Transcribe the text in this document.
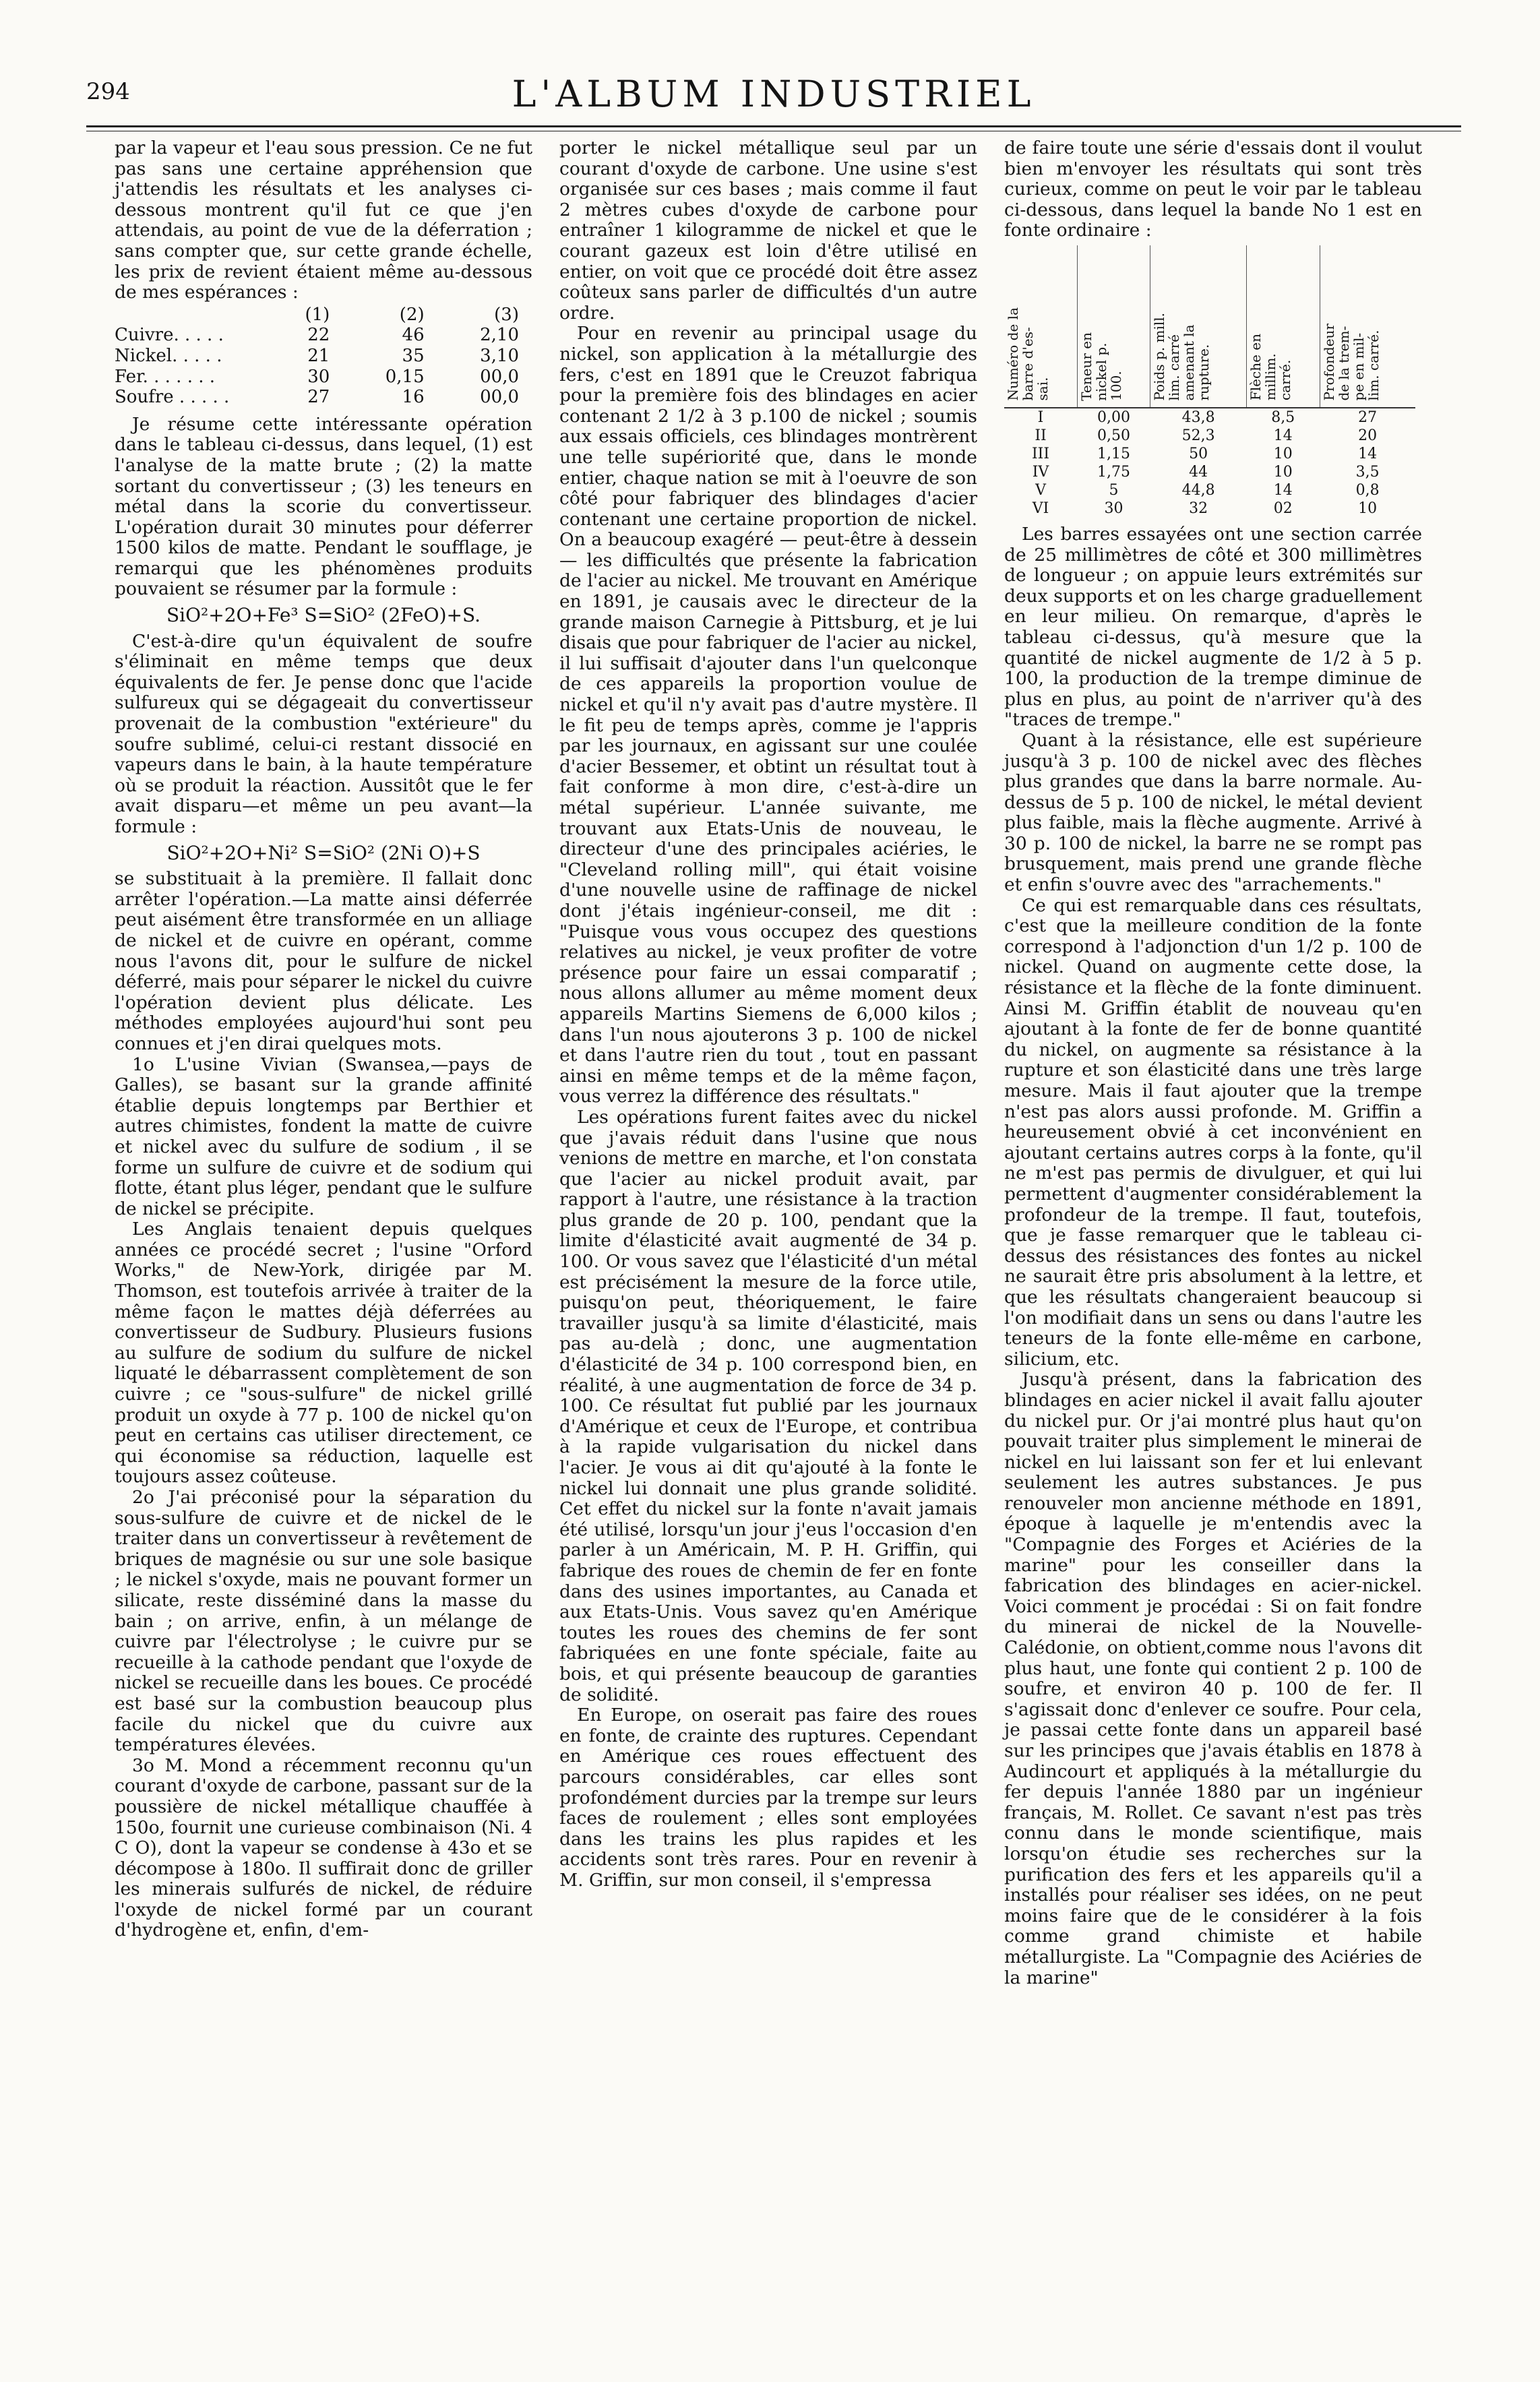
294	L'ALBUM INDUSTRIEL

par la vapeur et l'eau sous pression. Ce ne fut pas sans une certaine appréhension que j'attendis les résultats et les analyses ci-dessous montrent qu'il fut ce que j'en attendais, au point de vue de la déferration ; sans compter que, sur cette grande échelle, les prix de revient étaient même au-dessous de mes espérances :

	(1)	(2)	(3)
Cuivre. . . . .	22	46	2,10
Nickel. . . . .	21	35	3,10
Fer. . . . . . .	30	0,15	00,0
Soufre . . . . .	27	16	00,0

Je résume cette intéressante opération dans le tableau ci-dessus, dans lequel, (1) est l'analyse de la matte brute ; (2) la matte sortant du convertisseur ; (3) les teneurs en métal dans la scorie du convertisseur. L'opération durait 30 minutes pour déferrer 1500 kilos de matte. Pendant le soufflage, je remarqui que les phénomènes produits pouvaient se résumer par la formule :

SiO²+2O+Fe³ S=SiO² (2FeO)+S.

C'est-à-dire qu'un équivalent de soufre s'éliminait en même temps que deux équivalents de fer. Je pense donc que l'acide sulfureux qui se dégageait du convertisseur provenait de la combustion "extérieure" du soufre sublimé, celui-ci restant dissocié en vapeurs dans le bain, à la haute température où se produit la réaction. Aussitôt que le fer avait disparu—et même un peu avant—la formule :

SiO²+2O+Ni² S=SiO² (2Ni O)+S

se substituait à la première. Il fallait donc arrêter l'opération.—La matte ainsi déferrée peut aisément être transformée en un alliage de nickel et de cuivre en opérant, comme nous l'avons dit, pour le sulfure de nickel déferré, mais pour séparer le nickel du cuivre l'opération devient plus délicate. Les méthodes employées aujourd'hui sont peu connues et j'en dirai quelques mots.

1o L'usine Vivian (Swansea,—pays de Galles), se basant sur la grande affinité établie depuis longtemps par Berthier et autres chimistes, fondent la matte de cuivre et nickel avec du sulfure de sodium , il se forme un sulfure de cuivre et de sodium qui flotte, étant plus léger, pendant que le sulfure de nickel se précipite.

Les Anglais tenaient depuis quelques années ce procédé secret ; l'usine "Orford Works," de New-York, dirigée par M. Thomson, est toutefois arrivée à traiter de la même façon le mattes déjà déferrées au convertisseur de Sudbury. Plusieurs fusions au sulfure de sodium du sulfure de nickel liquaté le débarrassent complètement de son cuivre ; ce "sous-sulfure" de nickel grillé produit un oxyde à 77 p. 100 de nickel qu'on peut en certains cas utiliser directement, ce qui économise sa réduction, laquelle est toujours assez coûteuse.

2o J'ai préconisé pour la séparation du sous-sulfure de cuivre et de nickel de le traiter dans un convertisseur à revêtement de briques de magnésie ou sur une sole basique ; le nickel s'oxyde, mais ne pouvant former un silicate, reste disséminé dans la masse du bain ; on arrive, enfin, à un mélange de cuivre par l'électrolyse ; le cuivre pur se recueille à la cathode pendant que l'oxyde de nickel se recueille dans les boues. Ce procédé est basé sur la combustion beaucoup plus facile du nickel que du cuivre aux températures élevées.

3o M. Mond a récemment reconnu qu'un courant d'oxyde de carbone, passant sur de la poussière de nickel métallique chauffée à 150o, fournit une curieuse combinaison (Ni. 4 C O), dont la vapeur se condense à 43o et se décompose à 180o. Il suffirait donc de griller les minerais sulfurés de nickel, de réduire l'oxyde de nickel formé par un courant d'hydrogène et, enfin, d'em-

porter le nickel métallique seul par un courant d'oxyde de carbone. Une usine s'est organisée sur ces bases ; mais comme il faut 2 mètres cubes d'oxyde de carbone pour entraîner 1 kilogramme de nickel et que le courant gazeux est loin d'être utilisé en entier, on voit que ce procédé doit être assez coûteux sans parler de difficultés d'un autre ordre.

Pour en revenir au principal usage du nickel, son application à la métallurgie des fers, c'est en 1891 que le Creuzot fabriqua pour la première fois des blindages en acier contenant 2 1/2 à 3 p.100 de nickel ; soumis aux essais officiels, ces blindages montrèrent une telle supériorité que, dans le monde entier, chaque nation se mit à l'oeuvre de son côté pour fabriquer des blindages d'acier contenant une certaine proportion de nickel. On a beaucoup exagéré — peut-être à dessein — les difficultés que présente la fabrication de l'acier au nickel. Me trouvant en Amérique en 1891, je causais avec le directeur de la grande maison Carnegie à Pittsburg, et je lui disais que pour fabriquer de l'acier au nickel, il lui suffisait d'ajouter dans l'un quelconque de ces appareils la proportion voulue de nickel et qu'il n'y avait pas d'autre mystère. Il le fit peu de temps après, comme je l'appris par les journaux, en agissant sur une coulée d'acier Bessemer, et obtint un résultat tout à fait conforme à mon dire, c'est-à-dire un métal supérieur. L'année suivante, me trouvant aux Etats-Unis de nouveau, le directeur d'une des principales aciéries, le "Cleveland rolling mill", qui était voisine d'une nouvelle usine de raffinage de nickel dont j'étais ingénieur-conseil, me dit : "Puisque vous vous occupez des questions relatives au nickel, je veux profiter de votre présence pour faire un essai comparatif ; nous allons allumer au même moment deux appareils Martins Siemens de 6,000 kilos ; dans l'un nous ajouterons 3 p. 100 de nickel et dans l'autre rien du tout , tout en passant ainsi en même temps et de la même façon, vous verrez la différence des résultats."

Les opérations furent faites avec du nickel que j'avais réduit dans l'usine que nous venions de mettre en marche, et l'on constata que l'acier au nickel produit avait, par rapport à l'autre, une résistance à la traction plus grande de 20 p. 100, pendant que la limite d'élasticité avait augmenté de 34 p. 100. Or vous savez que l'élasticité d'un métal est précisément la mesure de la force utile, puisqu'on peut, théoriquement, le faire travailler jusqu'à sa limite d'élasticité, mais pas au-delà ; donc, une augmentation d'élasticité de 34 p. 100 correspond bien, en réalité, à une augmentation de force de 34 p. 100. Ce résultat fut publié par les journaux d'Amérique et ceux de l'Europe, et contribua à la rapide vulgarisation du nickel dans l'acier. Je vous ai dit qu'ajouté à la fonte le nickel lui donnait une plus grande solidité. Cet effet du nickel sur la fonte n'avait jamais été utilisé, lorsqu'un jour j'eus l'occasion d'en parler à un Américain, M. P. H. Griffin, qui fabrique des roues de chemin de fer en fonte dans des usines importantes, au Canada et aux Etats-Unis. Vous savez qu'en Amérique toutes les roues des chemins de fer sont fabriquées en une fonte spéciale, faite au bois, et qui présente beaucoup de garanties de solidité.

En Europe, on oserait pas faire des roues en fonte, de crainte des ruptures. Cependant en Amérique ces roues effectuent des parcours considérables, car elles sont profondément durcies par la trempe sur leurs faces de roulement ; elles sont employées dans les trains les plus rapides et les accidents sont très rares. Pour en revenir à M. Griffin, sur mon conseil, il s'empressa

de faire toute une série d'essais dont il voulut bien m'envoyer les résultats qui sont très curieux, comme on peut le voir par le tableau ci-dessous, dans lequel la bande No 1 est en fonte ordinaire :

Numéro de la
barre d'es-
sai.	Teneur en
nickel p.
100.	Poids p. mill.
lim. carré
amenant la
rupture.	Flèche en
millim.
carré.	Profondeur
de la trem-
pe en mil-
lim. carré.
I	0,00	43,8	8,5	27
II	0,50	52,3	14	20
III	1,15	50	10	14
IV	1,75	44	10	3,5
V	5	44,8	14	0,8
VI	30	32	02	10

Les barres essayées ont une section carrée de 25 millimètres de côté et 300 millimètres de longueur ; on appuie leurs extrémités sur deux supports et on les charge graduellement en leur milieu. On remarque, d'après le tableau ci-dessus, qu'à mesure que la quantité de nickel augmente de 1/2 à 5 p. 100, la production de la trempe diminue de plus en plus, au point de n'arriver qu'à des "traces de trempe."

Quant à la résistance, elle est supérieure jusqu'à 3 p. 100 de nickel avec des flèches plus grandes que dans la barre normale. Au-dessus de 5 p. 100 de nickel, le métal devient plus faible, mais la flèche augmente. Arrivé à 30 p. 100 de nickel, la barre ne se rompt pas brusquement, mais prend une grande flèche et enfin s'ouvre avec des "arrachements."

Ce qui est remarquable dans ces résultats, c'est que la meilleure condition de la fonte correspond à l'adjonction d'un 1/2 p. 100 de nickel. Quand on augmente cette dose, la résistance et la flèche de la fonte diminuent. Ainsi M. Griffin établit de nouveau qu'en ajoutant à la fonte de fer de bonne quantité du nickel, on augmente sa résistance à la rupture et son élasticité dans une très large mesure. Mais il faut ajouter que la trempe n'est pas alors aussi profonde. M. Griffin a heureusement obvié à cet inconvénient en ajoutant certains autres corps à la fonte, qu'il ne m'est pas permis de divulguer, et qui lui permettent d'augmenter considérablement la profondeur de la trempe. Il faut, toutefois, que je fasse remarquer que le tableau ci-dessus des résistances des fontes au nickel ne saurait être pris absolument à la lettre, et que les résultats changeraient beaucoup si l'on modifiait dans un sens ou dans l'autre les teneurs de la fonte elle-même en carbone, silicium, etc.

Jusqu'à présent, dans la fabrication des blindages en acier nickel il avait fallu ajouter du nickel pur. Or j'ai montré plus haut qu'on pouvait traiter plus simplement le minerai de nickel en lui laissant son fer et lui enlevant seulement les autres substances. Je pus renouveler mon ancienne méthode en 1891, époque à laquelle je m'entendis avec la "Compagnie des Forges et Aciéries de la marine" pour les conseiller dans la fabrication des blindages en acier-nickel. Voici comment je procédai : Si on fait fondre du minerai de nickel de la Nouvelle-Calédonie, on obtient,comme nous l'avons dit plus haut, une fonte qui contient 2 p. 100 de soufre, et environ 40 p. 100 de fer. Il s'agissait donc d'enlever ce soufre. Pour cela, je passai cette fonte dans un appareil basé sur les principes que j'avais établis en 1878 à Audincourt et appliqués à la métallurgie du fer depuis l'année 1880 par un ingénieur français, M. Rollet. Ce savant n'est pas très connu dans le monde scientifique, mais lorsqu'on étudie ses recherches sur la purification des fers et les appareils qu'il a installés pour réaliser ses idées, on ne peut moins faire que de le considérer à la fois comme grand chimiste et habile métallurgiste. La "Compagnie des Aciéries de la marine"
